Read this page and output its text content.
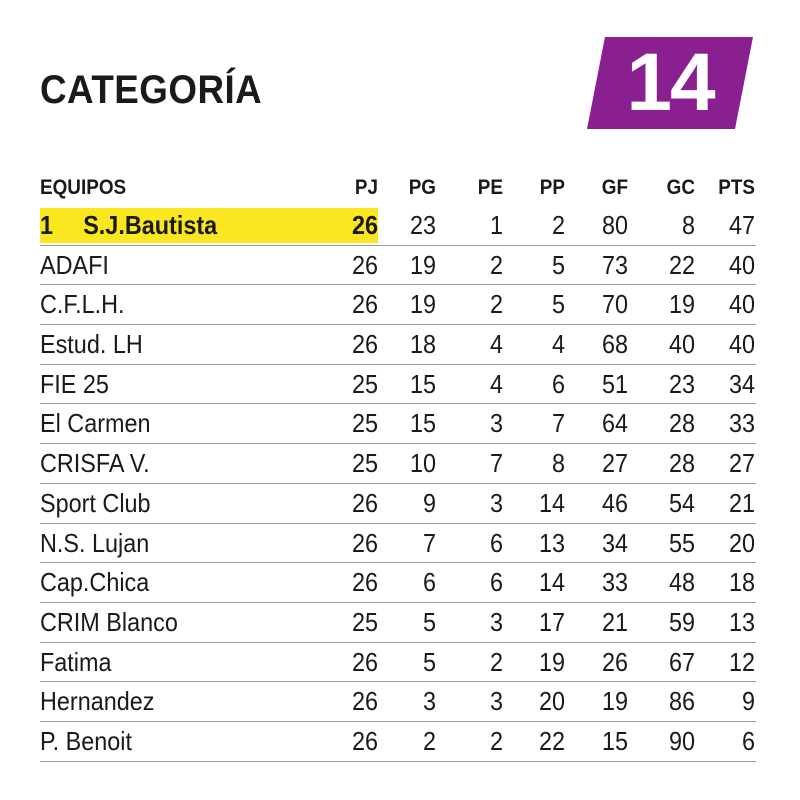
CATEGORÍA	14
EQUIPOS	PJ	PG	PE	PP	GF	GC	PTS
1 S.J.Bautista	26	23	1	2	80	8	47
ADAFI	26	19	2	5	73	22	40
C.F.L.H.	26	19	2	5	70	19	40
Estud. LH	26	18	4	4	68	40	40
FIE 25	25	15	4	6	51	23	34
El Carmen	25	15	3	7	64	28	33
CRISFA V.	25	10	7	8	27	28	27
Sport Club	26	9	3	14	46	54	21
N.S. Lujan	26	7	6	13	34	55	20
Cap.Chica	26	6	6	14	33	48	18
CRIM Blanco	25	5	3	17	21	59	13
Fatima	26	5	2	19	26	67	12
Hernandez	26	3	3	20	19	86	9
P. Benoit	26	2	2	22	15	90	6
